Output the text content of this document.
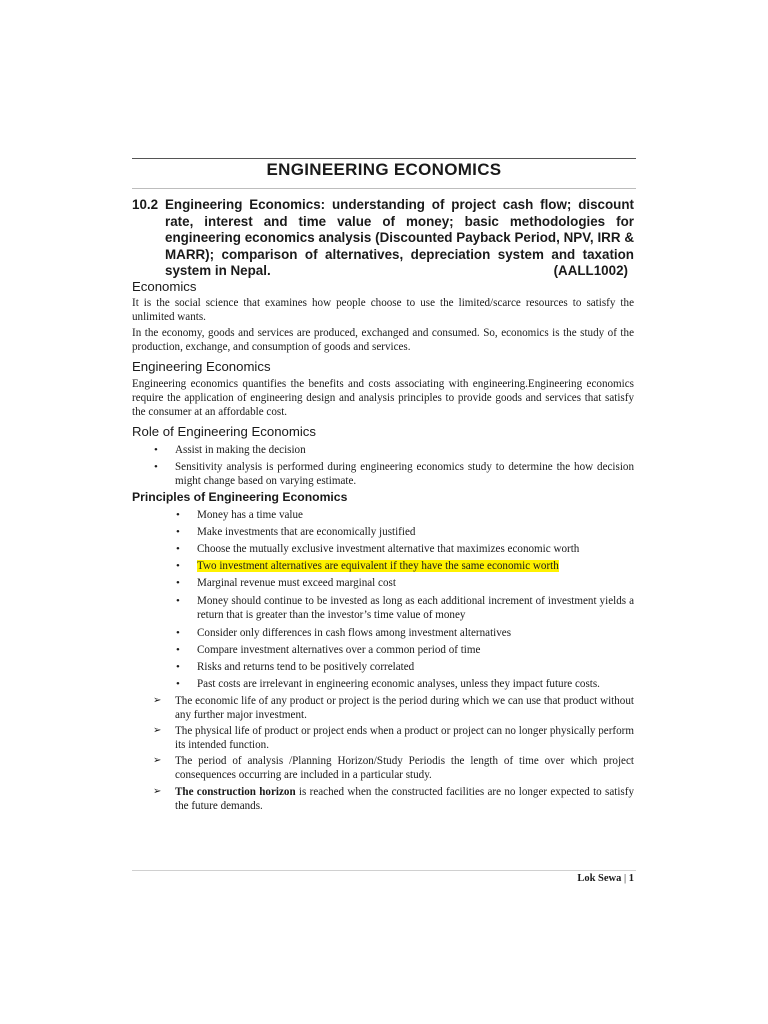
ENGINEERING ECONOMICS
10.2 Engineering Economics: understanding of project cash flow; discount rate, interest and time value of money; basic methodologies for engineering economics analysis (Discounted Payback Period, NPV, IRR & MARR); comparison of alternatives, depreciation system and taxation system in Nepal.	(AALL1002)
Economics
It is the social science that examines how people choose to use the limited/scarce resources to satisfy the unlimited wants.
In the economy, goods and services are produced, exchanged and consumed. So, economics is the study of the production, exchange, and consumption of goods and services.
Engineering Economics
Engineering economics quantifies the benefits and costs associating with engineering.Engineering economics require the application of engineering design and analysis principles to provide goods and services that satisfy the consumer at an affordable cost.
Role of Engineering Economics
• Assist in making the decision
• Sensitivity analysis is performed during engineering economics study to determine the how decision might change based on varying estimate.
Principles of Engineering Economics
• Money has a time value
• Make investments that are economically justified
• Choose the mutually exclusive investment alternative that maximizes economic worth
• Two investment alternatives are equivalent if they have the same economic worth
• Marginal revenue must exceed marginal cost
• Money should continue to be invested as long as each additional increment of investment yields a return that is greater than the investor’s time value of money
• Consider only differences in cash flows among investment alternatives
• Compare investment alternatives over a common period of time
• Risks and returns tend to be positively correlated
• Past costs are irrelevant in engineering economic analyses, unless they impact future costs.
➢ The economic life of any product or project is the period during which we can use that product without any further major investment.
➢ The physical life of product or project ends when a product or project can no longer physically perform its intended function.
➢ The period of analysis /Planning Horizon/Study Periodis the length of time over which project consequences occurring are included in a particular study.
➢ The construction horizon is reached when the constructed facilities are no longer expected to satisfy the future demands.
Lok Sewa | 1
